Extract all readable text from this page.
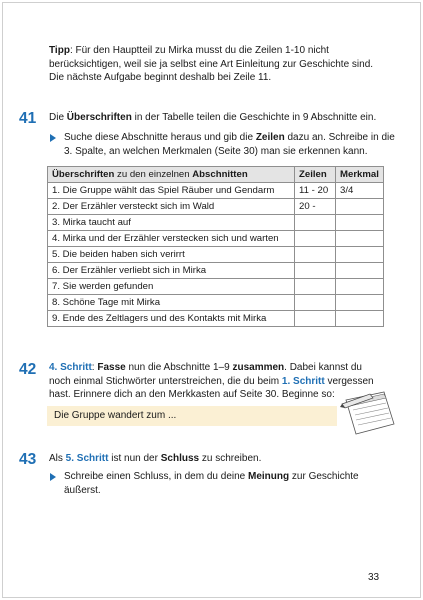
Tipp: Für den Hauptteil zu Mirka musst du die Zeilen 1-10 nicht berücksichtigen, weil sie ja selbst eine Art Einleitung zur Geschichte sind. Die nächste Aufgabe beginnt deshalb bei Zeile 11.
41 Die Überschriften in der Tabelle teilen die Geschichte in 9 Abschnitte ein.
Suche diese Abschnitte heraus und gib die Zeilen dazu an. Schreibe in die 3. Spalte, an welchen Merkmalen (Seite 30) man sie erkennen kann.
Überschriften zu den einzelnen Abschnitten	Zeilen	Merkmal
1. Die Gruppe wählt das Spiel Räuber und Gendarm	11 - 20	3/4
2. Der Erzähler versteckt sich im Wald	20 -	
3. Mirka taucht auf		
4. Mirka und der Erzähler verstecken sich und warten		
5. Die beiden haben sich verirrt		
6. Der Erzähler verliebt sich in Mirka		
7. Sie werden gefunden		
8. Schöne Tage mit Mirka		
9. Ende des Zeltlagers und des Kontakts mit Mirka		
42 4. Schritt: Fasse nun die Abschnitte 1–9 zusammen. Dabei kannst du noch einmal Stichwörter unterstreichen, die du beim 1. Schritt vergessen hast. Erinnere dich an den Merkkasten auf Seite 30. Beginne so:
Die Gruppe wandert zum ...
43 Als 5. Schritt ist nun der Schluss zu schreiben.
Schreibe einen Schluss, in dem du deine Meinung zur Geschichte äußerst.
33
